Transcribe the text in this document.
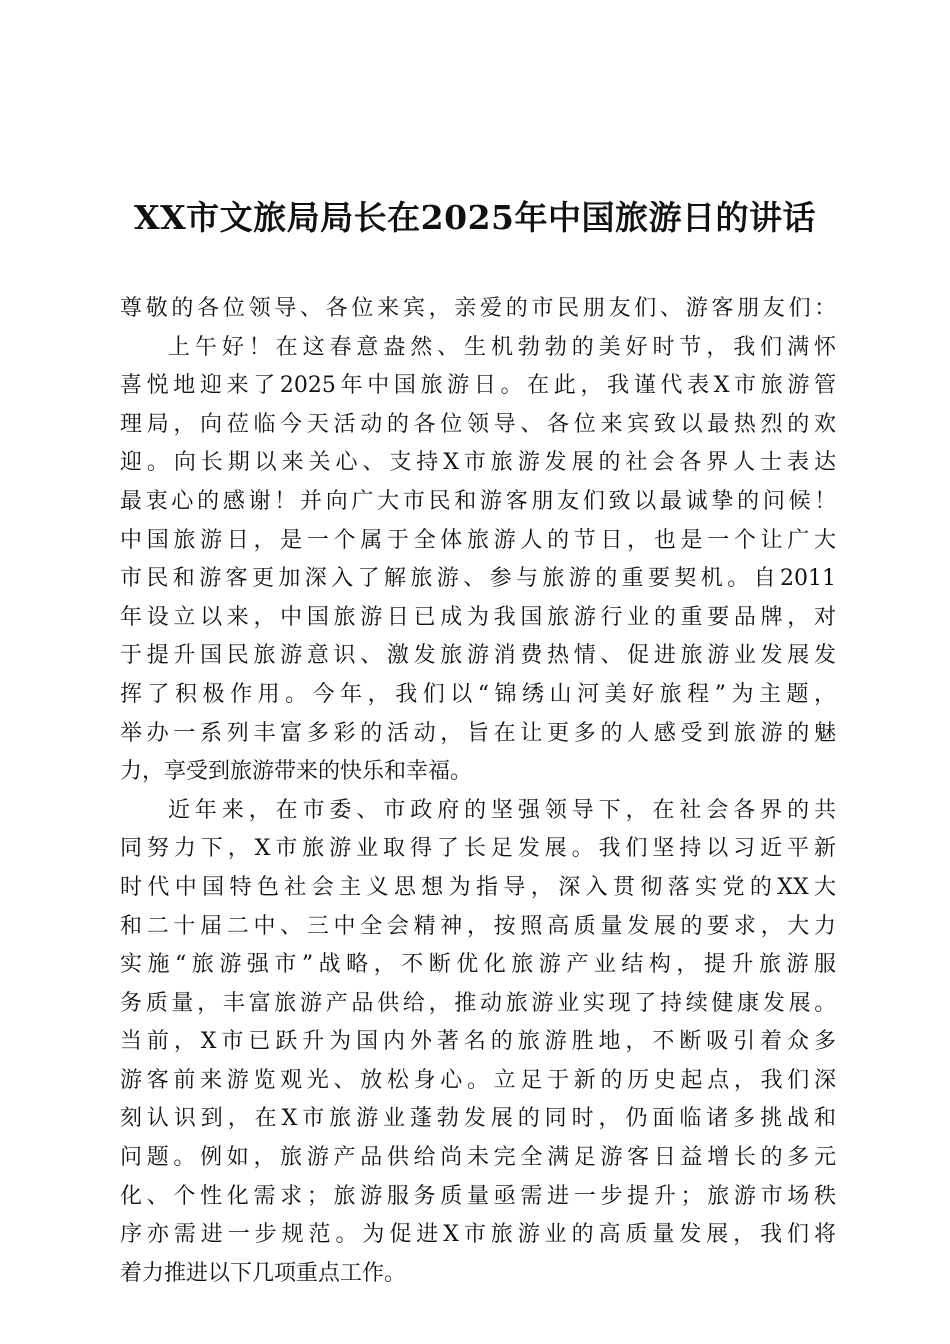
XX市文旅局局长在2025年中国旅游日的讲话
尊敬的各位领导、各位来宾，亲爱的市民朋友们、游客朋友们：
上午好！在这春意盎然、生机勃勃的美好时节，我们满怀
喜悦地迎来了2025年中国旅游日。在此，我谨代表X市旅游管
理局，向莅临今天活动的各位领导、各位来宾致以最热烈的欢
迎。向长期以来关心、支持X市旅游发展的社会各界人士表达
最衷心的感谢！并向广大市民和游客朋友们致以最诚挚的问候！
中国旅游日，是一个属于全体旅游人的节日，也是一个让广大
市民和游客更加深入了解旅游、参与旅游的重要契机。自2011
年设立以来，中国旅游日已成为我国旅游行业的重要品牌，对
于提升国民旅游意识、激发旅游消费热情、促进旅游业发展发
挥了积极作用。今年，我们以“锦绣山河美好旅程”为主题，
举办一系列丰富多彩的活动，旨在让更多的人感受到旅游的魅
力，享受到旅游带来的快乐和幸福。
近年来，在市委、市政府的坚强领导下，在社会各界的共
同努力下，X市旅游业取得了长足发展。我们坚持以习近平新
时代中国特色社会主义思想为指导，深入贯彻落实党的XX大
和二十届二中、三中全会精神，按照高质量发展的要求，大力
实施“旅游强市”战略，不断优化旅游产业结构，提升旅游服
务质量，丰富旅游产品供给，推动旅游业实现了持续健康发展。
当前，X市已跃升为国内外著名的旅游胜地，不断吸引着众多
游客前来游览观光、放松身心。立足于新的历史起点，我们深
刻认识到，在X市旅游业蓬勃发展的同时，仍面临诸多挑战和
问题。例如，旅游产品供给尚未完全满足游客日益增长的多元
化、个性化需求；旅游服务质量亟需进一步提升；旅游市场秩
序亦需进一步规范。为促进X市旅游业的高质量发展，我们将
着力推进以下几项重点工作。
